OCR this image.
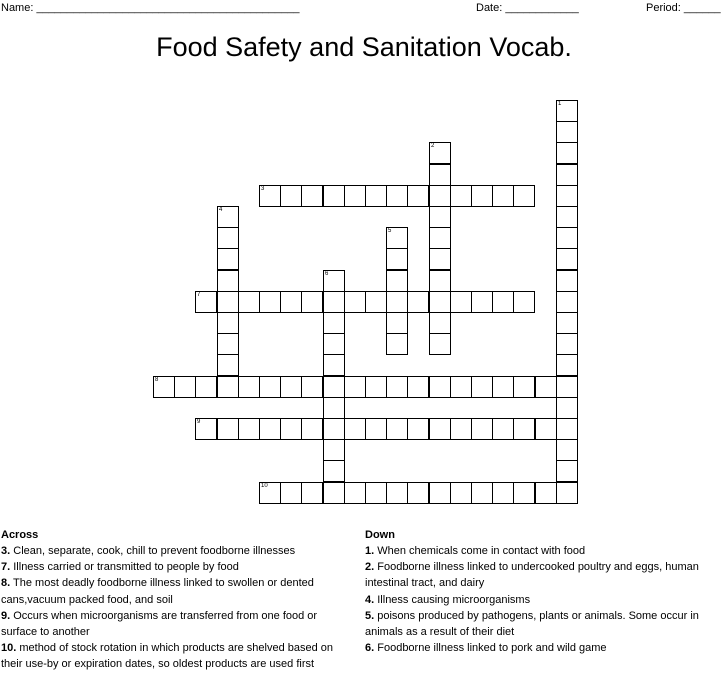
Name: ___________________________________________	Date: ____________	Period: ______
Food Safety and Sanitation Vocab.
1
2
3
4
5
6
7
8
9
10
Across
3. Clean, separate, cook, chill to prevent foodborne illnesses
7. Illness carried or transmitted to people by food
8. The most deadly foodborne illness linked to swollen or dented cans,vacuum packed food, and soil
9. Occurs when microorganisms are transferred from one food or surface to another
10. method of stock rotation in which products are shelved based on their use-by or expiration dates, so oldest products are used first
Down
1. When chemicals come in contact with food
2. Foodborne illness linked to undercooked poultry and eggs, human intestinal tract, and dairy
4. Illness causing microorganisms
5. poisons produced by pathogens, plants or animals. Some occur in animals as a result of their diet
6. Foodborne illness linked to pork and wild game
